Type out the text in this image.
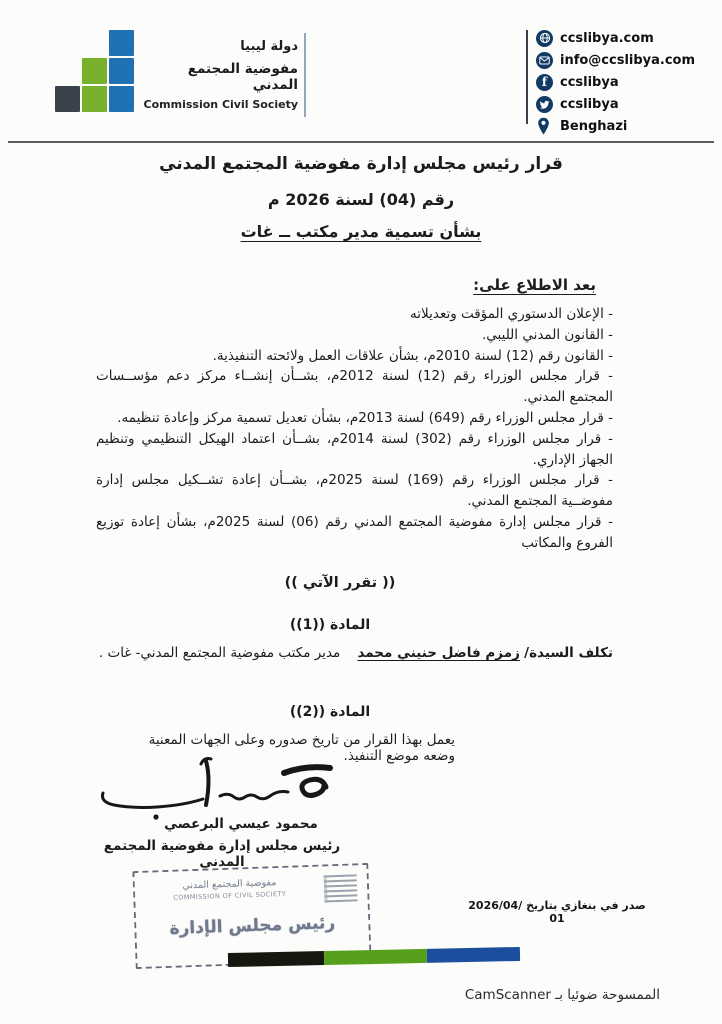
دولة ليبيا
مفوضية المجتمع المدني
Commission Civil Society
ccslibya.com
info@ccslibya.com
f ccslibya
ccslibya
Benghazi
قرار رئيس مجلس إدارة مفوضية المجتمع المدني
رقم (04) لسنة 2026 م
بشأن تسمية مدير مكتب ــ غات
بعد الاطلاع على:
- الإعلان الدستوري المؤقت وتعديلاته
- القانون المدني الليبي.
- القانون رقم (12) لسنة 2010م، بشأن علاقات العمل ولائحته التنفيذية.
- قرار مجلس الوزراء رقم (12) لسنة 2012م، بشــأن إنشــاء مركز دعم مؤســسات المجتمع المدني.
- قرار مجلس الوزراء رقم (649) لسنة 2013م، بشأن تعديل تسمية مركز وإعادة تنظيمه.
- قرار مجلس الوزراء رقم (302) لسنة 2014م، بشــأن اعتماد الهيكل التنظيمي وتنظيم الجهاز الإداري.
- قرار مجلس الوزراء رقم (169) لسنة 2025م، بشــأن إعادة تشــكيل مجلس إدارة مفوضــية المجتمع المدني.
- قرار مجلس إدارة مفوضية المجتمع المدني رقم (06) لسنة 2025م، بشأن إعادة توزيع الفروع والمكاتب
(( تقرر الآتي ))
المادة ((1))
تكلف السيدة/ زمزم فاضل حنيني محمد    مدير مكتب مفوضية المجتمع المدني- غات .
المادة ((2))
يعمل بهذا القرار من تاريخ صدوره وعلى الجهات المعنية وضعه موضع التنفيذ.
محمود عيسي البرعصي
رئيس مجلس إدارة مفوضية المجتمع المدني
مفوضية المجتمع المدني
COMMISSION OF CIVIL SOCIETY
رئيس مجلس الإدارة
صدر في بنغازي بتاريخ 2026/04/ 01
الممسوحة ضوئيا بـ CamScanner
